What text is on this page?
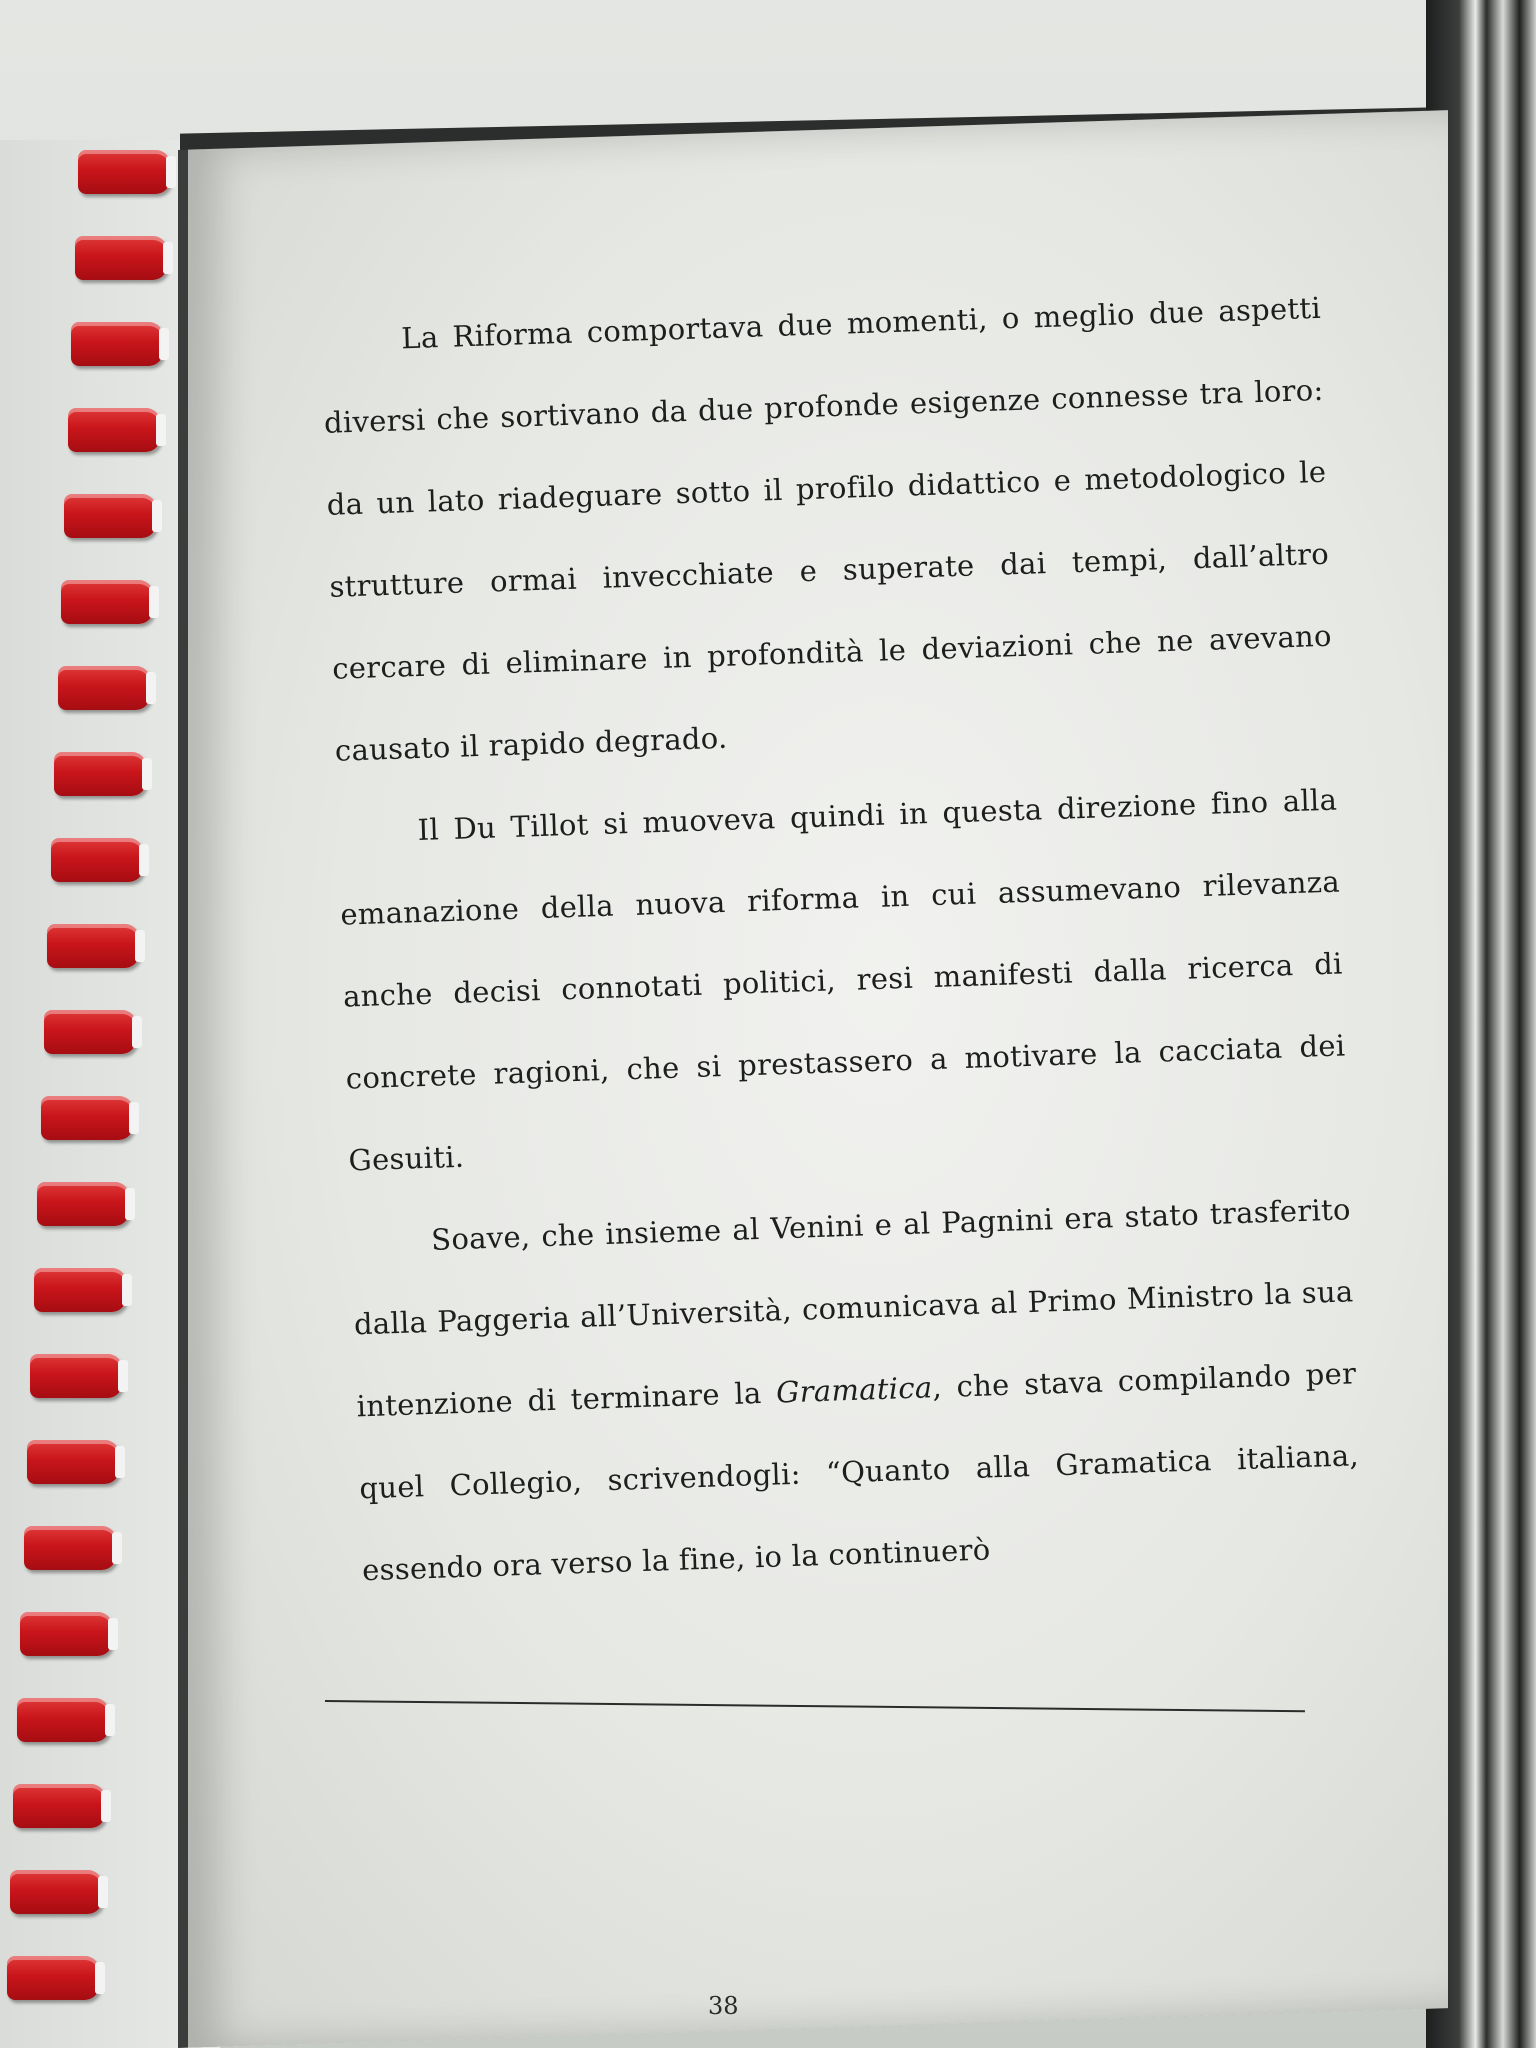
La Riforma comportava due momenti, o meglio due aspetti diversi che sortivano da due profonde esigenze connesse tra loro: da un lato riadeguare sotto il profilo didattico e metodologico le strutture ormai invecchiate e superate dai tempi, dall’altro cercare di eliminare in profondità le deviazioni che ne avevano causato il rapido degrado.

Il Du Tillot si muoveva quindi in questa direzione fino alla emanazione della nuova riforma in cui assumevano rilevanza anche decisi connotati politici, resi manifesti dalla ricerca di concrete ragioni, che si prestassero a motivare la cacciata dei Gesuiti.

Soave, che insieme al Venini e al Pagnini era stato trasferito dalla Paggeria all’Università, comunicava al Primo Ministro la sua intenzione di terminare la Gramatica, che stava compilando per quel Collegio, scrivendogli: “Quanto alla Gramatica italiana, essendo ora verso la fine, io la continuerò

38
